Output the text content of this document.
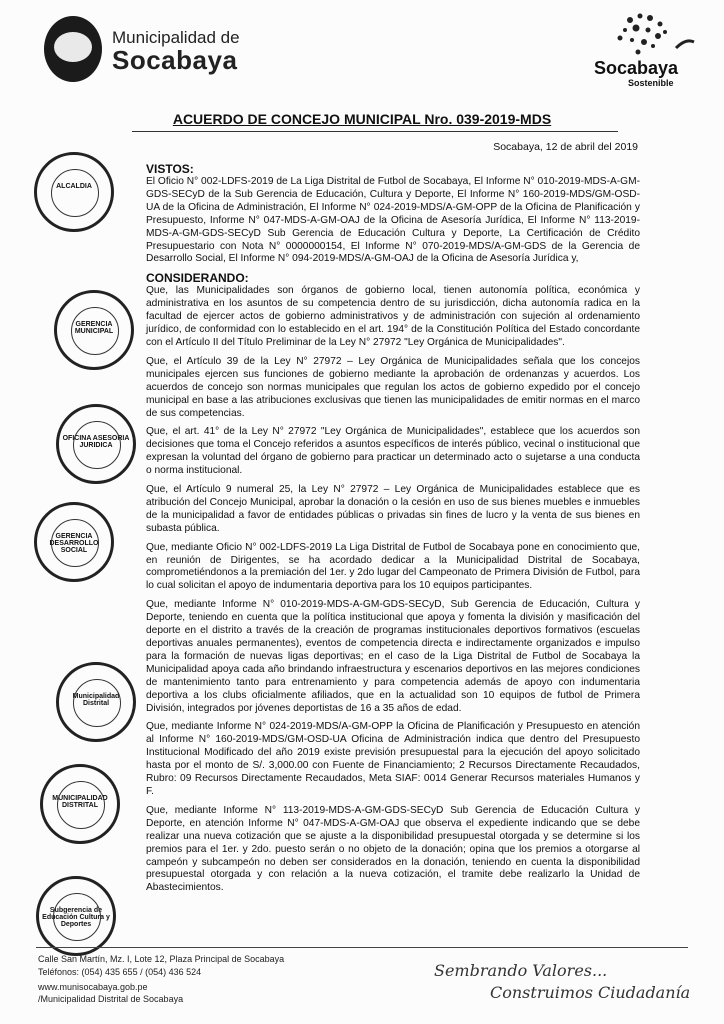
Municipalidad de
Socabaya	Socabaya
Sostenible
ACUERDO DE CONCEJO MUNICIPAL Nro. 039-2019-MDS
Socabaya, 12 de abril del 2019
ALCALDIA
GERENCIA MUNICIPAL
OFICINA ASESORIA JURIDICA
GERENCIA DESARROLLO SOCIAL
Municipalidad Distrital
MUNICIPALIDAD DISTRITAL
Subgerencia de Educación Cultura y Deportes

VISTOS:

El Oficio N° 002-LDFS-2019 de La Liga Distrital de Futbol de Socabaya, El Informe N° 010-2019-MDS-A-GM-GDS-SECyD de la Sub Gerencia de Educación, Cultura y Deporte, El Informe N° 160-2019-MDS/GM-OSD-UA de la Oficina de Administración, El Informe N° 024-2019-MDS/A-GM-OPP de la Oficina de Planificación y Presupuesto, Informe N° 047-MDS-A-GM-OAJ de la Oficina de Asesoría Jurídica, El Informe N° 113-2019-MDS-A-GM-GDS-SECyD Sub Gerencia de Educación Cultura y Deporte, La Certificación de Crédito Presupuestario con Nota N° 0000000154, El Informe N° 070-2019-MDS/A-GM-GDS de la Gerencia de Desarrollo Social, El Informe N° 094-2019-MDS/A-GM-OAJ de la Oficina de Asesoría Jurídica y,

CONSIDERANDO:

Que, las Municipalidades son órganos de gobierno local, tienen autonomía política, económica y administrativa en los asuntos de su competencia dentro de su jurisdicción, dicha autonomía radica en la facultad de ejercer actos de gobierno administrativos y de administración con sujeción al ordenamiento jurídico, de conformidad con lo establecido en el art. 194° de la Constitución Política del Estado concordante con el Artículo II del Título Preliminar de la Ley N° 27972 "Ley Orgánica de Municipalidades".

Que, el Artículo 39 de la Ley N° 27972 – Ley Orgánica de Municipalidades señala que los concejos municipales ejercen sus funciones de gobierno mediante la aprobación de ordenanzas y acuerdos. Los acuerdos de concejo son normas municipales que regulan los actos de gobierno expedido por el concejo municipal en base a las atribuciones exclusivas que tienen las municipalidades de emitir normas en el marco de sus competencias.

Que, el art. 41° de la Ley N° 27972 "Ley Orgánica de Municipalidades", establece que los acuerdos son decisiones que toma el Concejo referidos a asuntos específicos de interés público, vecinal o institucional que expresan la voluntad del órgano de gobierno para practicar un determinado acto o sujetarse a una conducta o norma institucional.

Que, el Artículo 9 numeral 25, la Ley N° 27972 – Ley Orgánica de Municipalidades establece que es atribución del Concejo Municipal, aprobar la donación o la cesión en uso de sus bienes muebles e inmuebles de la municipalidad a favor de entidades públicas o privadas sin fines de lucro y la venta de sus bienes en subasta pública.

Que, mediante Oficio N° 002-LDFS-2019 La Liga Distrital de Futbol de Socabaya pone en conocimiento que, en reunión de Dirigentes, se ha acordado dedicar a la Municipalidad Distrital de Socabaya, comprometiéndonos a la premiación del 1er. y 2do lugar del Campeonato de Primera División de Futbol, para lo cual solicitan el apoyo de indumentaria deportiva para los 10 equipos participantes.

Que, mediante Informe N° 010-2019-MDS-A-GM-GDS-SECyD, Sub Gerencia de Educación, Cultura y Deporte, teniendo en cuenta que la política institucional que apoya y fomenta la división y masificación del deporte en el distrito a través de la creación de programas institucionales deportivos formativos (escuelas deportivas anuales permanentes), eventos de competencia directa e indirectamente organizados e impulso para la formación de nuevas ligas deportivas; en el caso de la Liga Distrital de Futbol de Socabaya la Municipalidad apoya cada año brindando infraestructura y escenarios deportivos en las mejores condiciones de mantenimiento tanto para entrenamiento y para competencia además de apoyo con indumentaria deportiva a los clubs oficialmente afiliados, que en la actualidad son 10 equipos de futbol de Primera División, integrados por jóvenes deportistas de 16 a 35 años de edad.

Que, mediante Informe N° 024-2019-MDS/A-GM-OPP la Oficina de Planificación y Presupuesto en atención al Informe N° 160-2019-MDS/GM-OSD-UA Oficina de Administración indica que dentro del Presupuesto Institucional Modificado del año 2019 existe previsión presupuestal para la ejecución del apoyo solicitado hasta por el monto de S/. 3,000.00 con Fuente de Financiamiento; 2 Recursos Directamente Recaudados, Rubro: 09 Recursos Directamente Recaudados, Meta SIAF: 0014 Generar Recursos materiales Humanos y F.

Que, mediante Informe N° 113-2019-MDS-A-GM-GDS-SECyD Sub Gerencia de Educación Cultura y Deporte, en atención Informe N° 047-MDS-A-GM-OAJ que observa el expediente indicando que se debe realizar una nueva cotización que se ajuste a la disponibilidad presupuestal otorgada y se determine si los premios para el 1er. y 2do. puesto serán o no objeto de la donación; opina que los premios a otorgarse al campeón y subcampeón no deben ser considerados en la donación, teniendo en cuenta la disponibilidad presupuestal otorgada y con relación a la nueva cotización, el tramite debe realizarlo la Unidad de Abastecimientos.

Calle San Martín, Mz. I, Lote 12, Plaza Principal de Socabaya
Teléfonos: (054) 435 655 / (054) 436 524
www.munisocabaya.gob.pe
/Municipalidad Distrital de Socabaya
Sembrando Valores...
Construimos Ciudadanía
